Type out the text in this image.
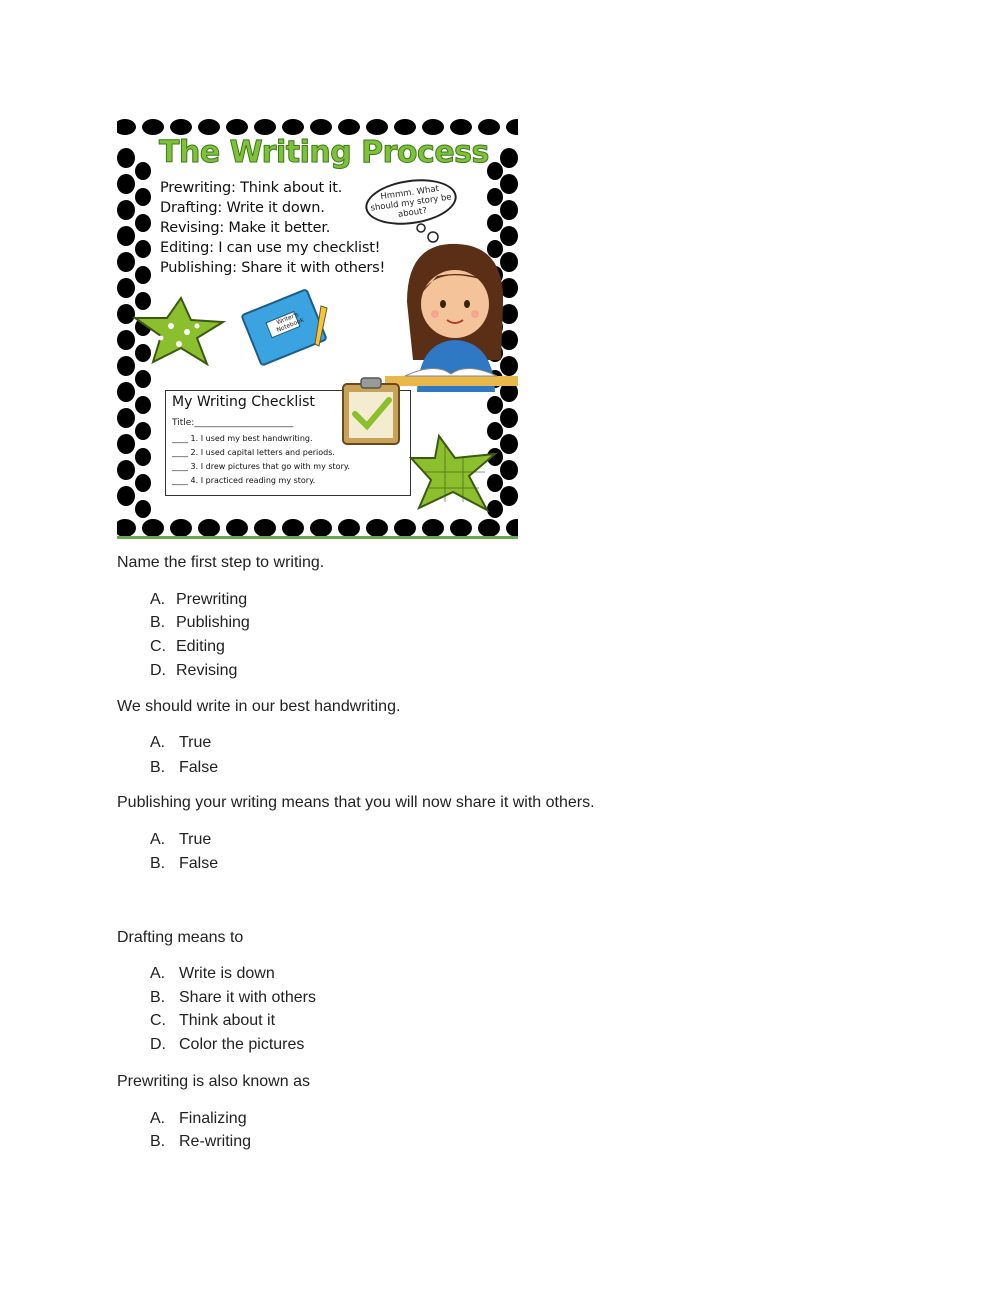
The Writing Process
Prewriting: Think about it.
Drafting: Write it down.
Revising: Make it better.
Editing: I can use my checklist!
Publishing: Share it with others!
Hmmm. What should my story be about?
Writer's Notebook
My Writing Checklist
Title:______________________
____ 1. I used my best handwriting.
____ 2. I used capital letters and periods.
____ 3. I drew pictures that go with my story.
____ 4. I practiced reading my story.
Name the first step to writing.
A. Prewriting
B. Publishing
C. Editing
D. Revising
We should write in our best handwriting.
A. True
B. False
Publishing your writing means that you will now share it with others.
A. True
B. False
Drafting means to
A. Write is down
B. Share it with others
C. Think about it
D. Color the pictures
Prewriting is also known as
A. Finalizing
B. Re-writing
